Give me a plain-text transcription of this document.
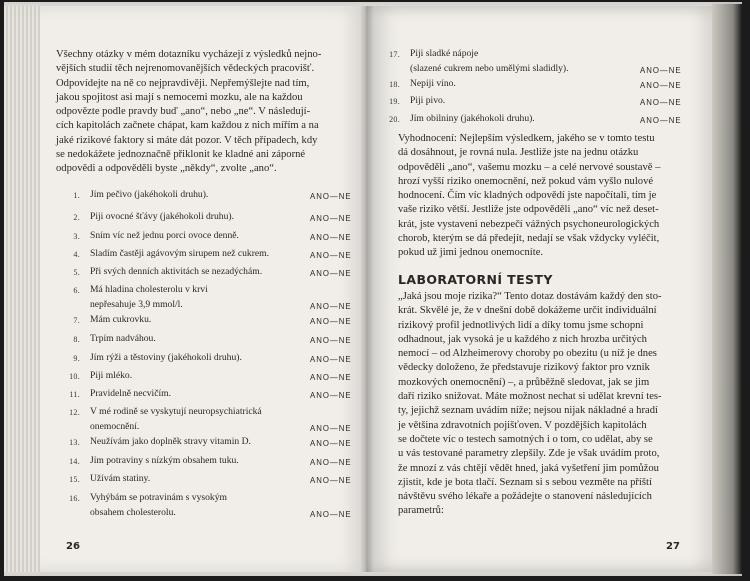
Všechny otázky v mém dotazníku vycházejí z výsledků nejno-
vějších studií těch nejrenomovanějších vědeckých pracovišť.
Odpovídejte na ně co nejpravdivěji. Nepřemýšlejte nad tím,
jakou spojitost asi mají s nemocemi mozku, ale na každou
odpovězte podle pravdy buď „ano“, nebo „ne“. V následují-
cích kapitolách začnete chápat, kam každou z nich mířím a na
jaké rizikové faktory si máte dát pozor. V těch případech, kdy
se nedokážete jednoznačně přiklonit ke kladné ani záporné
odpovědi a odpověděli byste „někdy“, zvolte „ano“.
1. Jím pečivo (jakéhokoli druhu).	ANO—NE
2. Piji ovocné šťávy (jakéhokoli druhu).	ANO—NE
3. Sním víc než jednu porci ovoce denně.	ANO—NE
4. Sladím častěji agávovým sirupem než cukrem.	ANO—NE
5. Při svých denních aktivitách se nezadýchám.	ANO—NE
6. Má hladina cholesterolu v krvi
nepřesahuje 3,9 mmol/l.	ANO—NE
7. Mám cukrovku.	ANO—NE
8. Trpím nadváhou.	ANO—NE
9. Jím rýži a těstoviny (jakéhokoli druhu).	ANO—NE
10. Piji mléko.	ANO—NE
11. Pravidelně necvičím.	ANO—NE
12. V mé rodině se vyskytují neuropsychiatrická
onemocnění.	ANO—NE
13. Neužívám jako doplněk stravy vitamin D.	ANO—NE
14. Jím potraviny s nízkým obsahem tuku.	ANO—NE
15. Užívám statiny.	ANO—NE
16. Vyhýbám se potravinám s vysokým
obsahem cholesterolu.	ANO—NE
26
17. Piji sladké nápoje
(slazené cukrem nebo umělými sladidly).	ANO—NE
18. Nepiji víno.	ANO—NE
19. Piji pivo.	ANO—NE
20. Jím obilniny (jakéhokoli druhu).	ANO—NE
Vyhodnocení: Nejlepším výsledkem, jakého se v tomto testu
dá dosáhnout, je rovná nula. Jestliže jste na jednu otázku
odpověděli „ano“, vašemu mozku – a celé nervové soustavě –
hrozí vyšší riziko onemocnění, než pokud vám vyšlo nulové
hodnocení. Čím víc kladných odpovědí jste napočítali, tím je
vaše riziko větší. Jestliže jste odpověděli „ano“ víc než deset-
krát, jste vystaveni nebezpečí vážných psychoneurologických
chorob, kterým se dá předejít, nedají se však vždycky vyléčit,
pokud už jimi jednou onemocníte.
LABORATORNÍ TESTY
„Jaká jsou moje rizika?“ Tento dotaz dostávám každý den sto-
krát. Skvělé je, že v dnešní době dokážeme určit individuální
rizikový profil jednotlivých lidí a díky tomu jsme schopni
odhadnout, jak vysoká je u každého z nich hrozba určitých
nemocí – od Alzheimerovy choroby po obezitu (u níž je dnes
vědecky doloženo, že představuje rizikový faktor pro vznik
mozkových onemocnění) –, a průběžně sledovat, jak se jim
daří riziko snižovat. Máte možnost nechat si udělat krevní tes-
ty, jejichž seznam uvádím níže; nejsou nijak nákladné a hradí
je většina zdravotních pojišťoven. V pozdějších kapitolách
se dočtete víc o testech samotných i o tom, co udělat, aby se
u vás testované parametry zlepšily. Zde je však uvádím proto,
že mnozí z vás chtějí vědět hned, jaká vyšetření jim pomůžou
zjistit, kde je bota tlačí. Seznam si s sebou vezměte na příští
návštěvu svého lékaře a požádejte o stanovení následujících
parametrů:
27
